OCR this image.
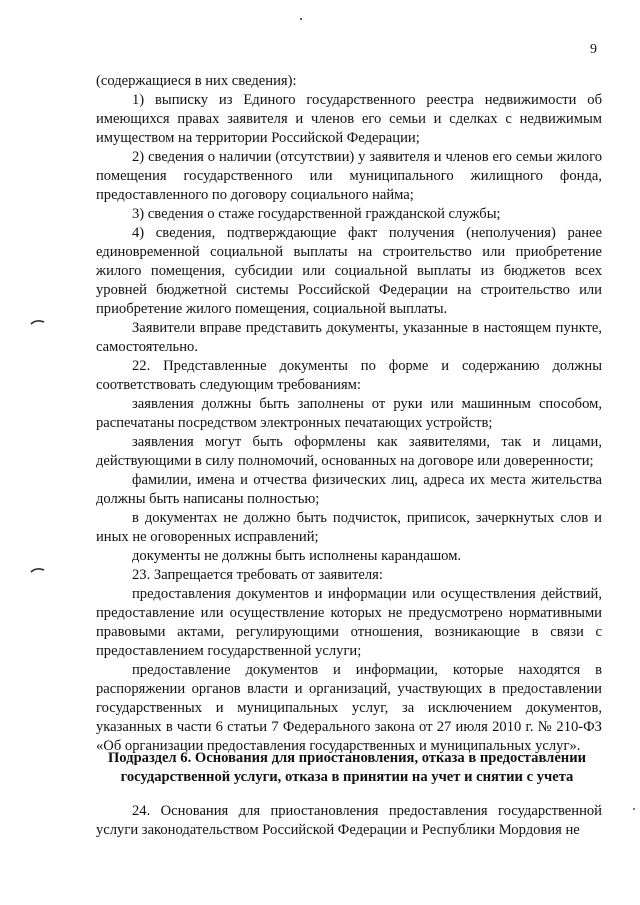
9

(содержащиеся в них сведения):

1) выписку из Единого государственного реестра недвижимости об имеющихся правах заявителя и членов его семьи и сделках с недвижимым имуществом на территории Российской Федерации;

2) сведения о наличии (отсутствии) у заявителя и членов его семьи жилого помещения государственного или муниципального жилищного фонда, предоставленного по договору социального найма;

3) сведения о стаже государственной гражданской службы;

4) сведения, подтверждающие факт получения (неполучения) ранее единовременной социальной выплаты на строительство или приобретение жилого помещения, субсидии или социальной выплаты из бюджетов всех уровней бюджетной системы Российской Федерации на строительство или приобретение жилого помещения, социальной выплаты.

Заявители вправе представить документы, указанные в настоящем пункте, самостоятельно.

22. Представленные документы по форме и содержанию должны соответствовать следующим требованиям:

заявления должны быть заполнены от руки или машинным способом, распечатаны посредством электронных печатающих устройств;

заявления могут быть оформлены как заявителями, так и лицами, действующими в силу полномочий, основанных на договоре или доверенности;

фамилии, имена и отчества физических лиц, адреса их места жительства должны быть написаны полностью;

в документах не должно быть подчисток, приписок, зачеркнутых слов и иных не оговоренных исправлений;

документы не должны быть исполнены карандашом.

23. Запрещается требовать от заявителя:

предоставления документов и информации или осуществления действий, предоставление или осуществление которых не предусмотрено нормативными правовыми актами, регулирующими отношения, возникающие в связи с предоставлением государственной услуги;

предоставление документов и информации, которые находятся в распоряжении органов власти и организаций, участвующих в предоставлении государственных и муниципальных услуг, за исключением документов, указанных в части 6 статьи 7 Федерального закона от 27 июля 2010 г. № 210-ФЗ «Об организации предоставления государственных и муниципальных услуг».

Подраздел 6. Основания для приостановления, отказа в предоставлении

государственной услуги, отказа в принятии на учет и снятии с учета

24. Основания для приостановления предоставления государственной услуги законодательством Российской Федерации и Республики Мордовия не
